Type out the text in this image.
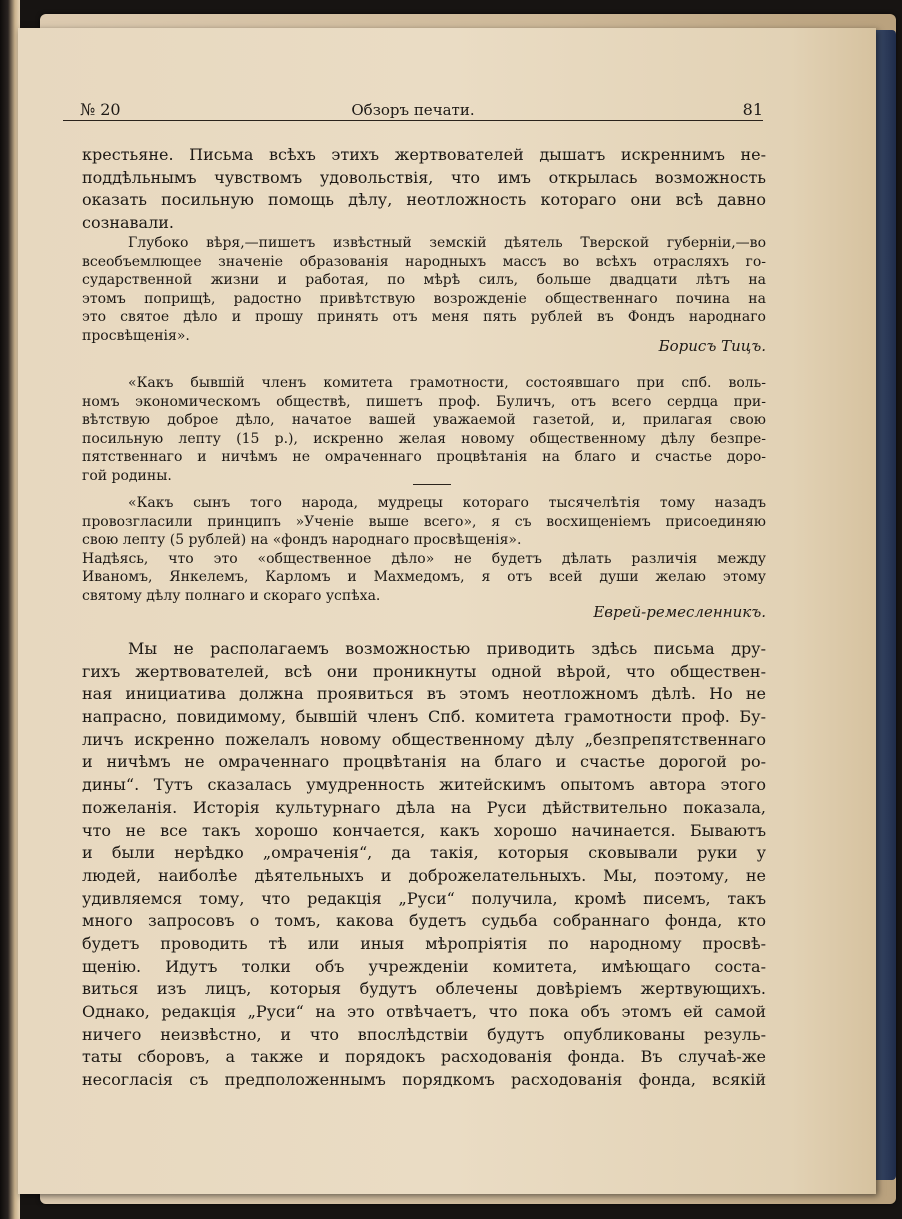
№ 20	Обзоръ печати.	81
крестьяне. Письма всѣхъ этихъ жертвователей дышатъ искреннимъ не-
поддѣльнымъ чувствомъ удовольствія, что имъ открылась возможность
оказать посильную помощь дѣлу, неотложность котораго они всѣ давно
сознавали.
Глубоко вѣря,—пишетъ извѣстный земскій дѣятель Тверской губерніи,—во
всеобъемлющее значеніе образованія народныхъ массъ во всѣхъ отрасляхъ го-
сударственной жизни и работая, по мѣрѣ силъ, больше двадцати лѣтъ на
этомъ поприщѣ, радостно привѣтствую возрожденіе общественнаго почина на
это святое дѣло и прошу принять отъ меня пять рублей въ Фондъ народнаго
просвѣщенія».
Борисъ Тицъ.
«Какъ бывшій членъ комитета грамотности, состоявшаго при спб. воль-
номъ экономическомъ обществѣ, пишетъ проф. Буличъ, отъ всего сердца при-
вѣтствую доброе дѣло, начатое вашей уважаемой газетой, и, прилагая свою
посильную лепту (15 р.), искренно желая новому общественному дѣлу безпре-
пятственнаго и ничѣмъ не омраченнаго процвѣтанія на благо и счастье доро-
гой родины.
«Какъ сынъ того народа, мудрецы котораго тысячелѣтія тому назадъ
провозгласили принципъ »Ученіе выше всего», я съ восхищеніемъ присоединяю
свою лепту (5 рублей) на «фондъ народнаго просвѣщенія».
Надѣясь, что это «общественное дѣло» не будетъ дѣлать различія между
Иваномъ, Янкелемъ, Карломъ и Махмедомъ, я отъ всей души желаю этому
святому дѣлу полнаго и скораго успѣха.
Еврей-ремесленникъ.
Мы не располагаемъ возможностью приводить здѣсь письма дру-
гихъ жертвователей, всѣ они проникнуты одной вѣрой, что обществен-
ная инициатива должна проявиться въ этомъ неотложномъ дѣлѣ. Но не
напрасно, повидимому, бывшій членъ Спб. комитета грамотности проф. Бу-
личъ искренно пожелалъ новому общественному дѣлу „безпрепятственнаго
и ничѣмъ не омраченнаго процвѣтанія на благо и счастье дорогой ро-
дины“. Тутъ сказалась умудренность житейскимъ опытомъ автора этого
пожеланія. Исторія культурнаго дѣла на Руси дѣйствительно показала,
что не все такъ хорошо кончается, какъ хорошо начинается. Бываютъ
и были нерѣдко „омраченія“, да такія, которыя сковывали руки у
людей, наиболѣе дѣятельныхъ и доброжелательныхъ. Мы, поэтому, не
удивляемся тому, что редакція „Руси“ получила, кромѣ писемъ, такъ
много запросовъ о томъ, какова будетъ судьба собраннаго фонда, кто
будетъ проводить тѣ или иныя мѣропріятія по народному просвѣ-
щенію. Идутъ толки объ учрежденіи комитета, имѣющаго соста-
виться изъ лицъ, которыя будутъ облечены довѣріемъ жертвующихъ.
Однако, редакція „Руси“ на это отвѣчаетъ, что пока объ этомъ ей самой
ничего неизвѣстно, и что впослѣдствіи будутъ опубликованы резуль-
таты сборовъ, а также и порядокъ расходованія фонда. Въ случаѣ-же
несогласія съ предположеннымъ порядкомъ расходованія фонда, всякій
